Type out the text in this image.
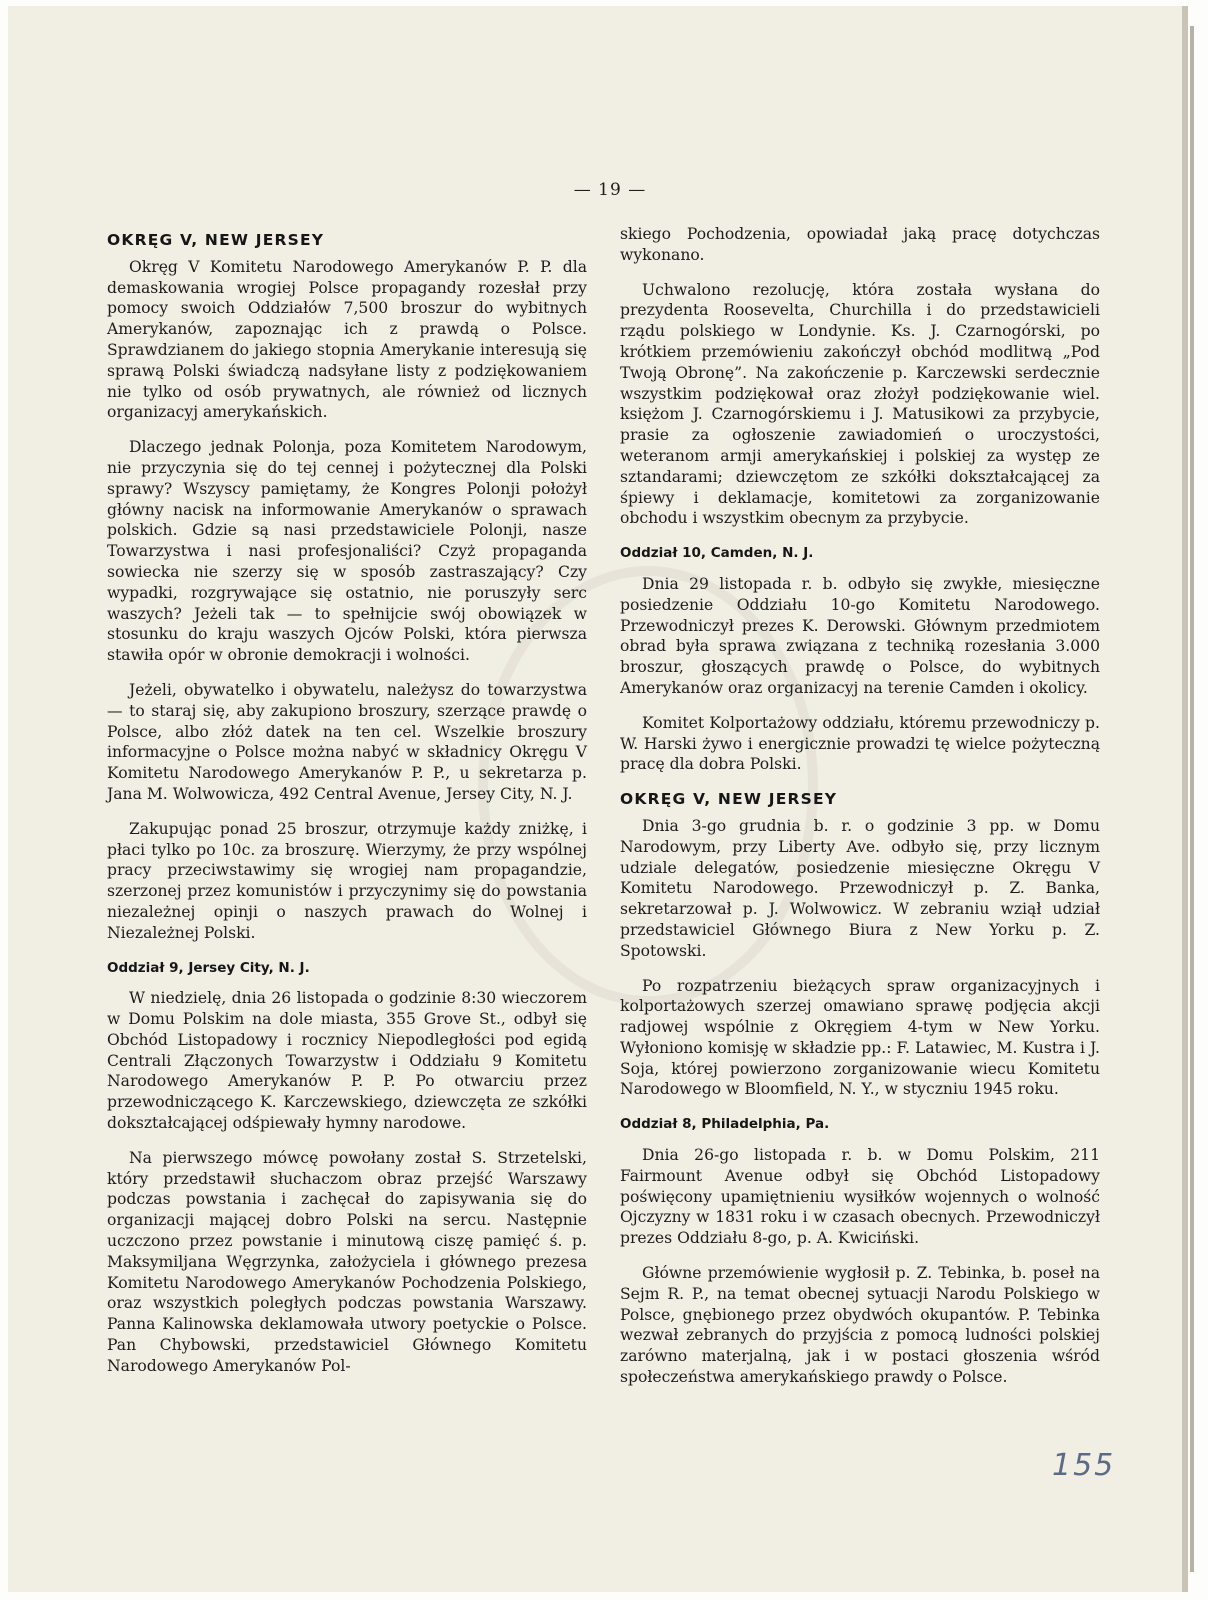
— 19 —
OKRĘG V, NEW JERSEY

Okręg V Komitetu Narodowego Amerykanów P. P. dla demaskowania wrogiej Polsce propagandy rozesłał przy pomocy swoich Oddziałów 7,500 broszur do wybitnych Amerykanów, zapoznając ich z prawdą o Polsce. Sprawdzianem do jakiego stopnia Amerykanie interesują się sprawą Polski świadczą nadsyłane listy z podziękowaniem nie tylko od osób prywatnych, ale również od licznych organizacyj amerykańskich.

Dlaczego jednak Polonja, poza Komitetem Narodowym, nie przyczynia się do tej cennej i pożytecznej dla Polski sprawy? Wszyscy pamiętamy, że Kongres Polonji położył główny nacisk na informowanie Amerykanów o sprawach polskich. Gdzie są nasi przedstawiciele Polonji, nasze Towarzystwa i nasi profesjonaliści? Czyż propaganda sowiecka nie szerzy się w sposób zastraszający? Czy wypadki, rozgrywające się ostatnio, nie poruszyły serc waszych? Jeżeli tak — to spełnijcie swój obowiązek w stosunku do kraju waszych Ojców Polski, która pierwsza stawiła opór w obronie demokracji i wolności.

Jeżeli, obywatelko i obywatelu, należysz do towarzystwa — to staraj się, aby zakupiono broszury, szerzące prawdę o Polsce, albo złóż datek na ten cel. Wszelkie broszury informacyjne o Polsce można nabyć w składnicy Okręgu V Komitetu Narodowego Amerykanów P. P., u sekretarza p. Jana M. Wolwowicza, 492 Central Avenue, Jersey City, N. J.

Zakupując ponad 25 broszur, otrzymuje każdy zniżkę, i płaci tylko po 10c. za broszurę. Wierzymy, że przy wspólnej pracy przeciwstawimy się wrogiej nam propagandzie, szerzonej przez komunistów i przyczynimy się do powstania niezależnej opinji o naszych prawach do Wolnej i Niezależnej Polski.

Oddział 9, Jersey City, N. J.

W niedzielę, dnia 26 listopada o godzinie 8:30 wieczorem w Domu Polskim na dole miasta, 355 Grove St., odbył się Obchód Listopadowy i rocznicy Niepodległości pod egidą Centrali Złączonych Towarzystw i Oddziału 9 Komitetu Narodowego Amerykanów P. P. Po otwarciu przez przewodniczącego K. Karczewskiego, dziewczęta ze szkółki dokształcającej odśpiewały hymny narodowe.

Na pierwszego mówcę powołany został S. Strzetelski, który przedstawił słuchaczom obraz przejść Warszawy podczas powstania i zachęcał do zapisywania się do organizacji mającej dobro Polski na sercu. Następnie uczczono przez powstanie i minutową ciszę pamięć ś. p. Maksymiljana Węgrzynka, założyciela i głównego prezesa Komitetu Narodowego Amerykanów Pochodzenia Polskiego, oraz wszystkich poległych podczas powstania Warszawy. Panna Kalinowska deklamowała utwory poetyckie o Polsce. Pan Chybowski, przedstawiciel Głównego Komitetu Narodowego Amerykanów Pol-

skiego Pochodzenia, opowiadał jaką pracę dotychczas wykonano.

Uchwalono rezolucję, która została wysłana do prezydenta Roosevelta, Churchilla i do przedstawicieli rządu polskiego w Londynie. Ks. J. Czarnogórski, po krótkiem przemówieniu zakończył obchód modlitwą „Pod Twoją Obronę”. Na zakończenie p. Karczewski serdecznie wszystkim podziękował oraz złożył podziękowanie wiel. księżom J. Czarnogórskiemu i J. Matusikowi za przybycie, prasie za ogłoszenie zawiadomień o uroczystości, weteranom armji amerykańskiej i polskiej za występ ze sztandarami; dziewczętom ze szkółki dokształcającej za śpiewy i deklamacje, komitetowi za zorganizowanie obchodu i wszystkim obecnym za przybycie.

Oddział 10, Camden, N. J.

Dnia 29 listopada r. b. odbyło się zwykłe, miesięczne posiedzenie Oddziału 10-go Komitetu Narodowego. Przewodniczył prezes K. Derowski. Głównym przedmiotem obrad była sprawa związana z techniką rozesłania 3.000 broszur, głoszących prawdę o Polsce, do wybitnych Amerykanów oraz organizacyj na terenie Camden i okolicy.

Komitet Kolportażowy oddziału, któremu przewodniczy p. W. Harski żywo i energicznie prowadzi tę wielce pożyteczną pracę dla dobra Polski.

OKRĘG V, NEW JERSEY

Dnia 3-go grudnia b. r. o godzinie 3 pp. w Domu Narodowym, przy Liberty Ave. odbyło się, przy licznym udziale delegatów, posiedzenie miesięczne Okręgu V Komitetu Narodowego. Przewodniczył p. Z. Banka, sekretarzował p. J. Wolwowicz. W zebraniu wziął udział przedstawiciel Głównego Biura z New Yorku p. Z. Spotowski.

Po rozpatrzeniu bieżących spraw organizacyjnych i kolportażowych szerzej omawiano sprawę podjęcia akcji radjowej wspólnie z Okręgiem 4-tym w New Yorku. Wyłoniono komisję w składzie pp.: F. Latawiec, M. Kustra i J. Soja, której powierzono zorganizowanie wiecu Komitetu Narodowego w Bloomfield, N. Y., w styczniu 1945 roku.

Oddział 8, Philadelphia, Pa.

Dnia 26-go listopada r. b. w Domu Polskim, 211 Fairmount Avenue odbył się Obchód Listopadowy poświęcony upamiętnieniu wysiłków wojennych o wolność Ojczyzny w 1831 roku i w czasach obecnych. Przewodniczył prezes Oddziału 8-go, p. A. Kwiciński.

Główne przemówienie wygłosił p. Z. Tebinka, b. poseł na Sejm R. P., na temat obecnej sytuacji Narodu Polskiego w Polsce, gnębionego przez obydwóch okupantów. P. Tebinka wezwał zebranych do przyjścia z pomocą ludności polskiej zarówno materjalną, jak i w postaci głoszenia wśród społeczeństwa amerykańskiego prawdy o Polsce.

155
